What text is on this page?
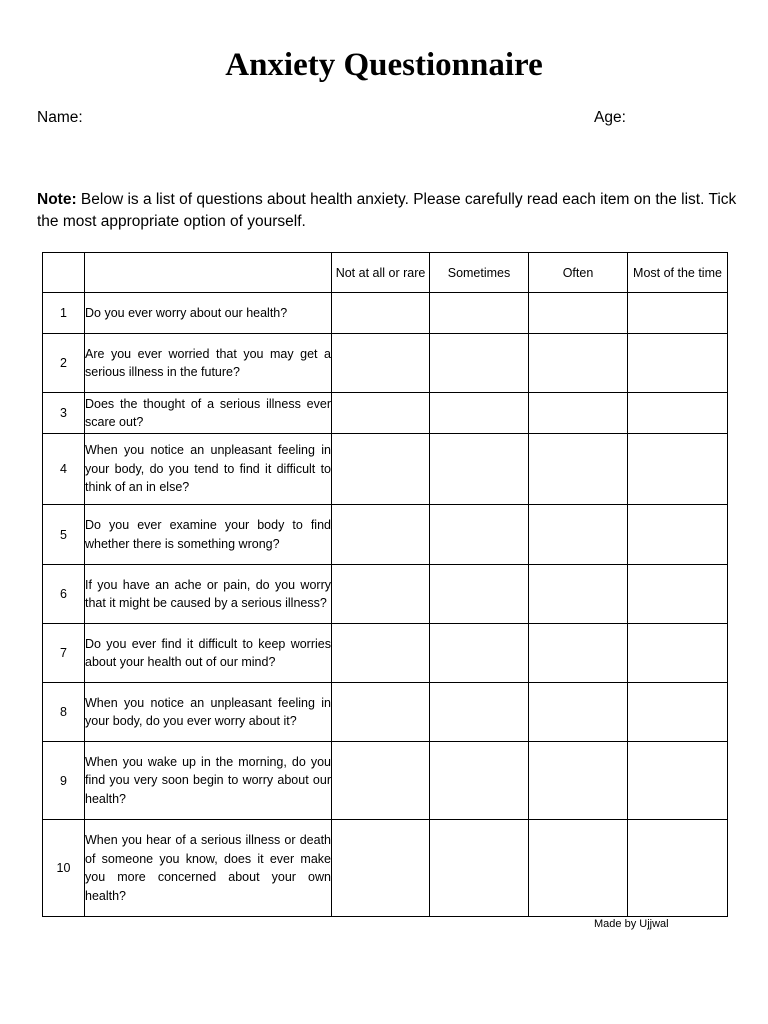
Anxiety Questionnaire
Name:	Age:
Note: Below is a list of questions about health anxiety. Please carefully read each item on the list. Tick the most appropriate option of yourself.
		Not at all or rare	Sometimes	Often	Most of the time
1	Do you ever worry about our health?				
2	Are you ever worried that you may get a serious illness in the future?				
3	Does the thought of a serious illness ever scare out?				
4	When you notice an unpleasant feeling in your body, do you tend to find it difficult to think of an in else?				
5	Do you ever examine your body to find whether there is something wrong?				
6	If you have an ache or pain, do you worry that it might be caused by a serious illness?				
7	Do you ever find it difficult to keep worries about your health out of our mind?				
8	When you notice an unpleasant feeling in your body, do you ever worry about it?				
9	When you wake up in the morning, do you find you very soon begin to worry about our health?				
10	When you hear of a serious illness or death of someone you know, does it ever make you more concerned about your own health?				
Made by Ujjwal
